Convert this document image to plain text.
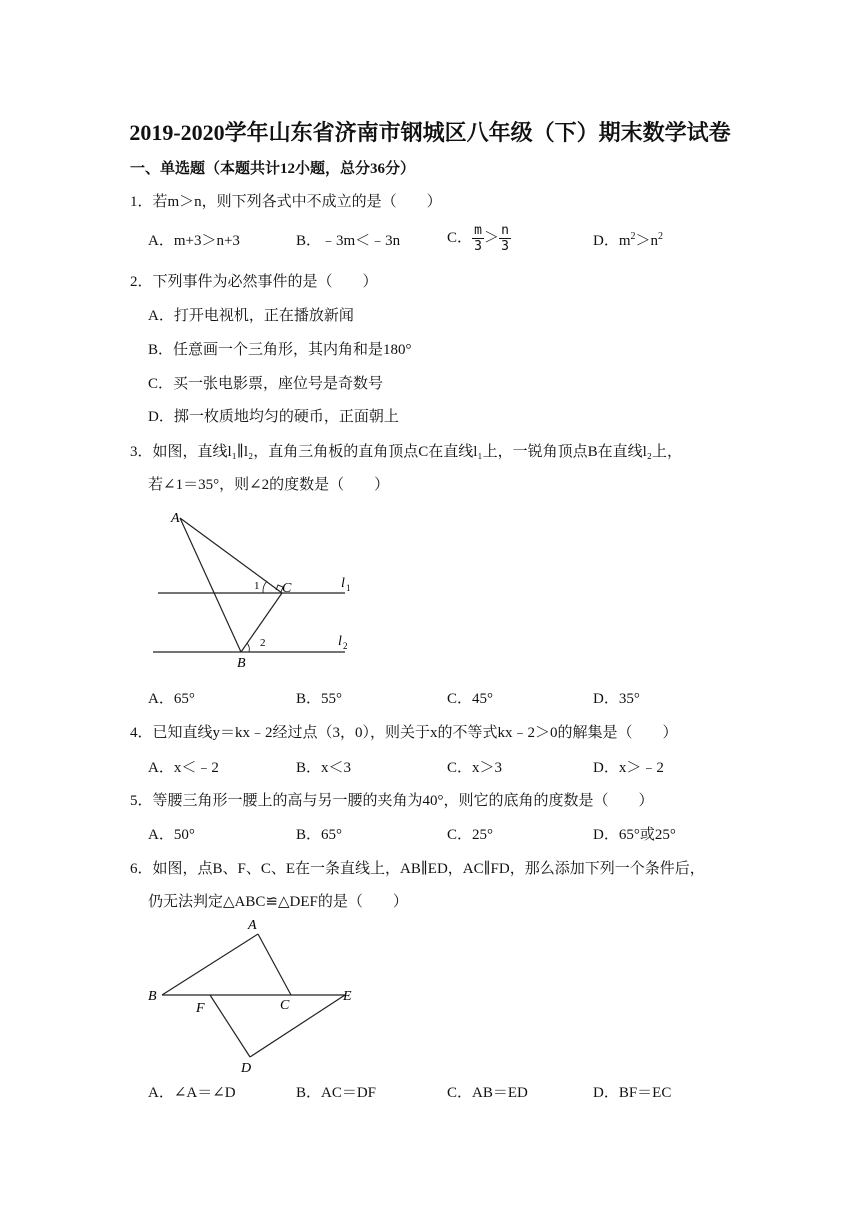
2019-2020学年山东省济南市钢城区八年级（下）期末数学试卷
一、单选题（本题共计12小题，总分36分）
1．若m＞n，则下列各式中不成立的是（　　）
A．m+3＞n+3	B．﹣3m＜﹣3n	C． $\frac{m}{3} > \frac{n}{3}$	D．$m^2>n^2$
2．下列事件为必然事件的是（　　）
A．打开电视机，正在播放新闻
B．任意画一个三角形，其内角和是180°
C．买一张电影票，座位号是奇数号
D．掷一枚质地均匀的硬币，正面朝上
3．如图，直线l₁∥l₂，直角三角板的直角顶点C在直线l₁上，一锐角顶点B在直线l₂上，
若∠1＝35°，则∠2的度数是（　　）
A
C
B
1
2
l 1
l 2
A．65°	B．55°	C．45°	D．35°
4．已知直线y＝kx﹣2经过点（3，0），则关于x的不等式kx﹣2＞0的解集是（　　）
A．x＜﹣2	B．x＜3	C．x＞3	D．x＞﹣2
5．等腰三角形一腰上的高与另一腰的夹角为40°，则它的底角的度数是（　　）
A．50°	B．65°	C．25°	D．65°或25°
6．如图，点B、F、C、E在一条直线上，AB∥ED，AC∥FD，那么添加下列一个条件后，
仍无法判定△ABC≌△DEF的是（　　）
A
B
F	C
E
D
A．∠A＝∠D	B．AC＝DF	C．AB＝ED	D．BF＝EC
